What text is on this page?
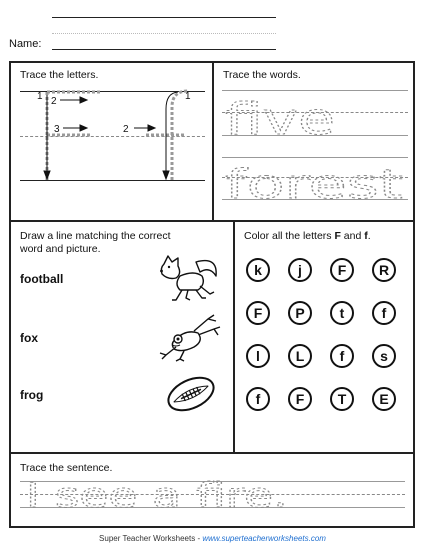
Name:
Trace the letters.
1 2
3	2
1
Trace the words.
five
forest
Draw a line matching the correct
word and picture.
football
fox
frog
Color all the letters F and f.
k	j	F	R
F	P	t	f
l	L	f	s
f	F	T	E
Trace the sentence.
I see a fire.
Super Teacher Worksheets - www.superteacherworksheets.com
